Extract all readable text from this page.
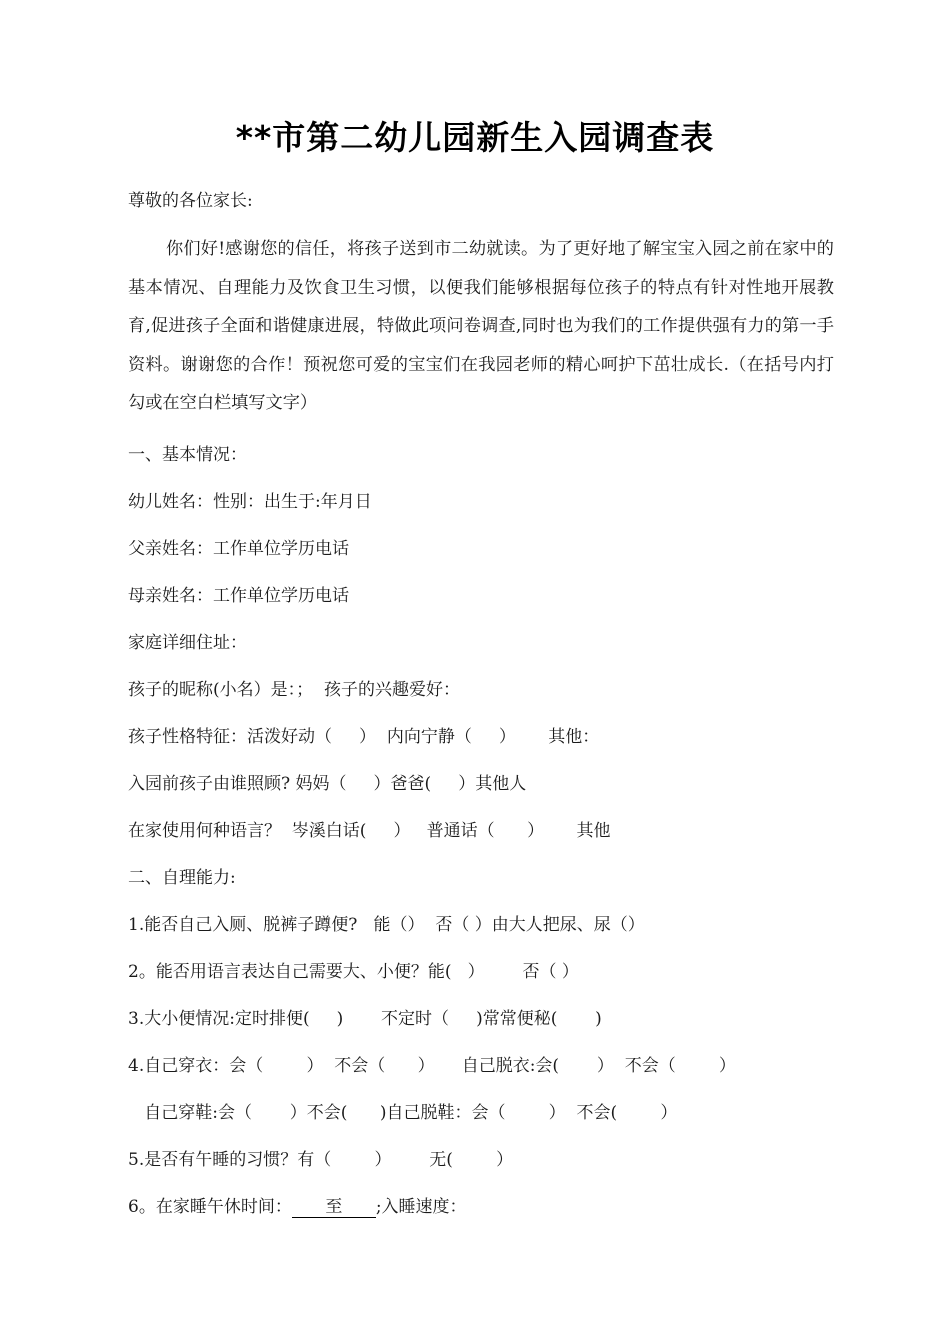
**市第二幼儿园新生入园调查表
尊敬的各位家长:

你们好!感谢您的信任，将孩子送到市二幼就读。为了更好地了解宝宝入园之前在家中的基本情况、自理能力及饮食卫生习惯，以便我们能够根据每位孩子的特点有针对性地开展教育,促进孩子全面和谐健康进展，特做此项问卷调查,同时也为我们的工作提供强有力的第一手资料。谢谢您的合作！预祝您可爱的宝宝们在我园老师的精心呵护下茁壮成长.（在括号内打勾或在空白栏填写文字）

一、基本情况：
幼儿姓名：性别：出生于:年月日
父亲姓名：工作单位学历电话
母亲姓名：工作单位学历电话
家庭详细住址：
孩子的昵称(小名）是：；  孩子的兴趣爱好：
孩子性格特征：活泼好动（     ）  内向宁静（     ）      其他：
入园前孩子由谁照顾? 妈妈（     ）爸爸(     ）其他人
在家使用何种语言？  岑溪白话(     ）   普通话（      ）      其他
二、自理能力:
1.能否自己入厕、脱裤子蹲便?   能（）  否（ ）由大人把尿、尿（）
2。能否用语言表达自己需要大、小便？能(   ）       否（ ）
3.大小便情况:定时排便(     )       不定时（     )常常便秘(       )
4.自己穿衣：会（        ）  不会（      ）     自己脱衣:会(       ）  不会（        ）
自己穿鞋:会（       ）不会(      )自己脱鞋：会（        ）  不会(        ）
5.是否有午睡的习惯？有（        ）       无(        ）
6。在家睡午休时间： 至 ;入睡速度：
